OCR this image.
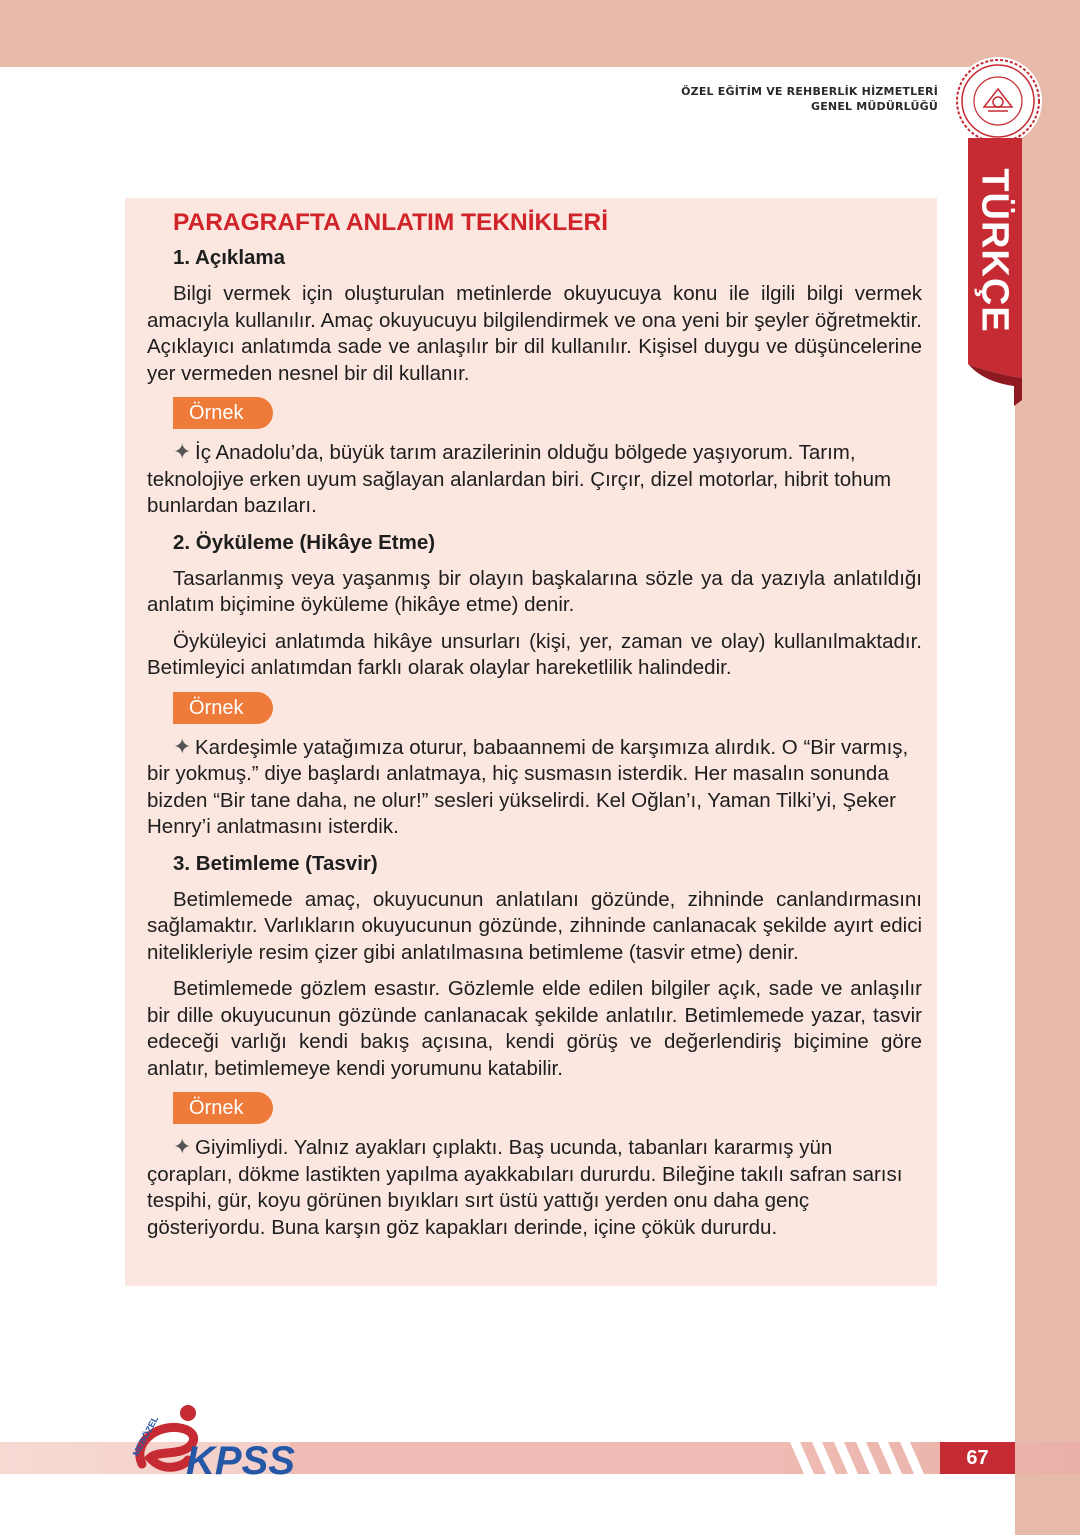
ÖZEL EĞİTİM VE REHBERLİK HİZMETLERİ
GENEL MÜDÜRLÜĞÜ
TÜRKÇE
PARAGRAFTA ANLATIM TEKNİKLERİ
1. Açıklama

Bilgi vermek için oluşturulan metinlerde okuyucuya konu ile ilgili bilgi vermek amacıyla kullanılır. Amaç okuyucuyu bilgilendirmek ve ona yeni bir şeyler öğretmektir. Açıklayıcı anlatımda sade ve anlaşılır bir dil kullanılır. Kişisel duygu ve düşüncelerine yer vermeden nesnel bir dil kullanır.

Örnek

✦ İç Anadolu’da, büyük tarım arazilerinin olduğu bölgede yaşıyorum. Tarım, teknolojiye erken uyum sağlayan alanlardan biri. Çırçır, dizel motorlar, hibrit tohum bunlardan bazıları.

2. Öyküleme (Hikâye Etme)

Tasarlanmış veya yaşanmış bir olayın başkalarına sözle ya da yazıyla anlatıldığı anlatım biçimine öyküleme (hikâye etme) denir.

Öyküleyici anlatımda hikâye unsurları (kişi, yer, zaman ve olay) kullanılmaktadır. Betimleyici anlatımdan farklı olarak olaylar hareketlilik halindedir.

Örnek

✦ Kardeşimle yatağımıza oturur, babaannemi de karşımıza alırdık. O “Bir varmış, bir yokmuş.” diye başlardı anlatmaya, hiç susmasın isterdik. Her masalın sonunda bizden “Bir tane daha, ne olur!” sesleri yükselirdi. Kel Oğlan’ı, Yaman Tilki’yi, Şeker Henry’i anlatmasını isterdik.

3. Betimleme (Tasvir)

Betimlemede amaç, okuyucunun anlatılanı gözünde, zihninde canlandırmasını sağlamaktır. Varlıkların okuyucunun gözünde, zihninde canlanacak şekilde ayırt edici nitelikleriyle resim çizer gibi anlatılmasına betimleme (tasvir etme) denir.

Betimlemede gözlem esastır. Gözlemle elde edilen bilgiler açık, sade ve anlaşılır bir dille okuyucunun gözünde canlanacak şekilde anlatılır. Betimlemede yazar, tasvir edeceği varlığı kendi bakış açısına, kendi görüş ve değerlendiriş biçimine göre anlatır, betimlemeye kendi yorumunu katabilir.

Örnek

✦ Giyimliydi. Yalnız ayakları çıplaktı. Baş ucunda, tabanları kararmış yün çorapları, dökme lastikten yapılma ayakkabıları dururdu. Bileğine takılı safran sarısı tespihi, gür, koyu görünen bıyıkları sırt üstü yattığı yerden onu daha genç gösteriyordu. Buna karşın göz kapakları derinde, içine çökük dururdu.

67
MEBÖZEL
KPSS
